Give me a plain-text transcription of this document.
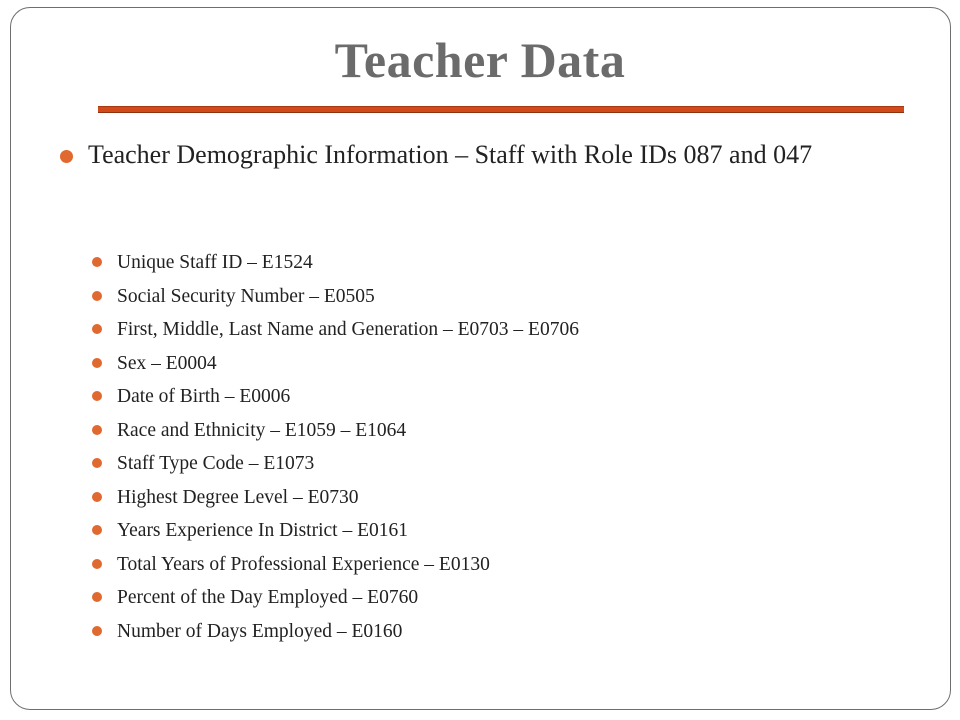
Teacher Data
Teacher Demographic Information – Staff with Role IDs 087 and 047
Unique Staff ID – E1524
Social Security Number – E0505
First, Middle, Last Name and Generation – E0703 – E0706
Sex – E0004
Date of Birth – E0006
Race and Ethnicity – E1059 – E1064
Staff Type Code – E1073
Highest Degree Level – E0730
Years Experience In District – E0161
Total Years of Professional Experience – E0130
Percent of the Day Employed – E0760
Number of Days Employed – E0160
